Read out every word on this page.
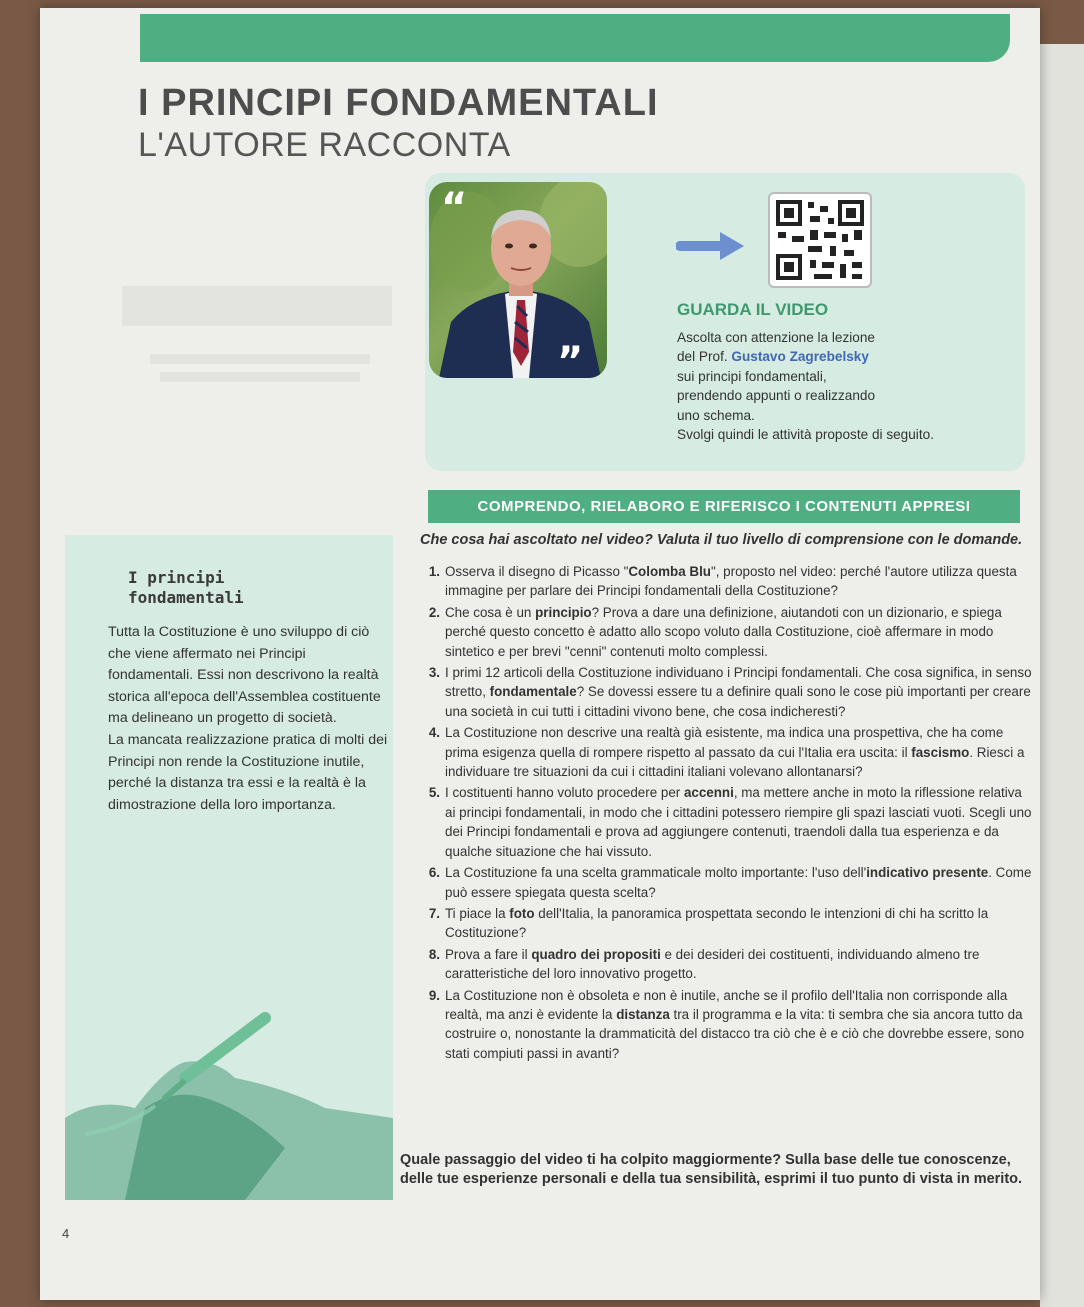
I PRINCIPI FONDAMENTALI
L'AUTORE RACCONTA
“
”
GUARDA IL VIDEO
Ascolta con attenzione la lezione
del Prof. Gustavo Zagrebelsky
sui principi fondamentali,
prendendo appunti o realizzando
uno schema.
Svolgi quindi le attività proposte di seguito.
COMPRENDO, RIELABORO E RIFERISCO I CONTENUTI APPRESI
Che cosa hai ascoltato nel video? Valuta il tuo livello di comprensione con le domande.
I principi
fondamentali

Tutta la Costituzione è uno sviluppo di ciò che viene affermato nei Principi fondamentali. Essi non descrivono la realtà storica all'epoca dell'Assemblea costituente ma delineano un progetto di società.

La mancata realizzazione pratica di molti dei Principi non rende la Costituzione inutile, perché la distanza tra essi e la realtà è la dimostrazione della loro importanza.

1. Osserva il disegno di Picasso "Colomba Blu", proposto nel video: perché l'autore utilizza questa immagine per parlare dei Principi fondamentali della Costituzione?
2. Che cosa è un principio? Prova a dare una definizione, aiutandoti con un dizionario, e spiega perché questo concetto è adatto allo scopo voluto dalla Costituzione, cioè affermare in modo sintetico e per brevi "cenni" contenuti molto complessi.
3. I primi 12 articoli della Costituzione individuano i Principi fondamentali. Che cosa significa, in senso stretto, fondamentale? Se dovessi essere tu a definire quali sono le cose più importanti per creare una società in cui tutti i cittadini vivono bene, che cosa indicheresti?
4. La Costituzione non descrive una realtà già esistente, ma indica una prospettiva, che ha come prima esigenza quella di rompere rispetto al passato da cui l'Italia era uscita: il fascismo. Riesci a individuare tre situazioni da cui i cittadini italiani volevano allontanarsi?
5. I costituenti hanno voluto procedere per accenni, ma mettere anche in moto la riflessione relativa ai principi fondamentali, in modo che i cittadini potessero riempire gli spazi lasciati vuoti. Scegli uno dei Principi fondamentali e prova ad aggiungere contenuti, traendoli dalla tua esperienza e da qualche situazione che hai vissuto.
6. La Costituzione fa una scelta grammaticale molto importante: l'uso dell'indicativo presente. Come può essere spiegata questa scelta?
7. Ti piace la foto dell'Italia, la panoramica prospettata secondo le intenzioni di chi ha scritto la Costituzione?
8. Prova a fare il quadro dei propositi e dei desideri dei costituenti, individuando almeno tre caratteristiche del loro innovativo progetto.
9. La Costituzione non è obsoleta e non è inutile, anche se il profilo dell'Italia non corrisponde alla realtà, ma anzi è evidente la distanza tra il programma e la vita: ti sembra che sia ancora tutto da costruire o, nonostante la drammaticità del distacco tra ciò che è e ciò che dovrebbe essere, sono stati compiuti passi in avanti?
Quale passaggio del video ti ha colpito maggiormente? Sulla base delle tue conoscenze, delle tue esperienze personali e della tua sensibilità, esprimi il tuo punto di vista in merito.
4
